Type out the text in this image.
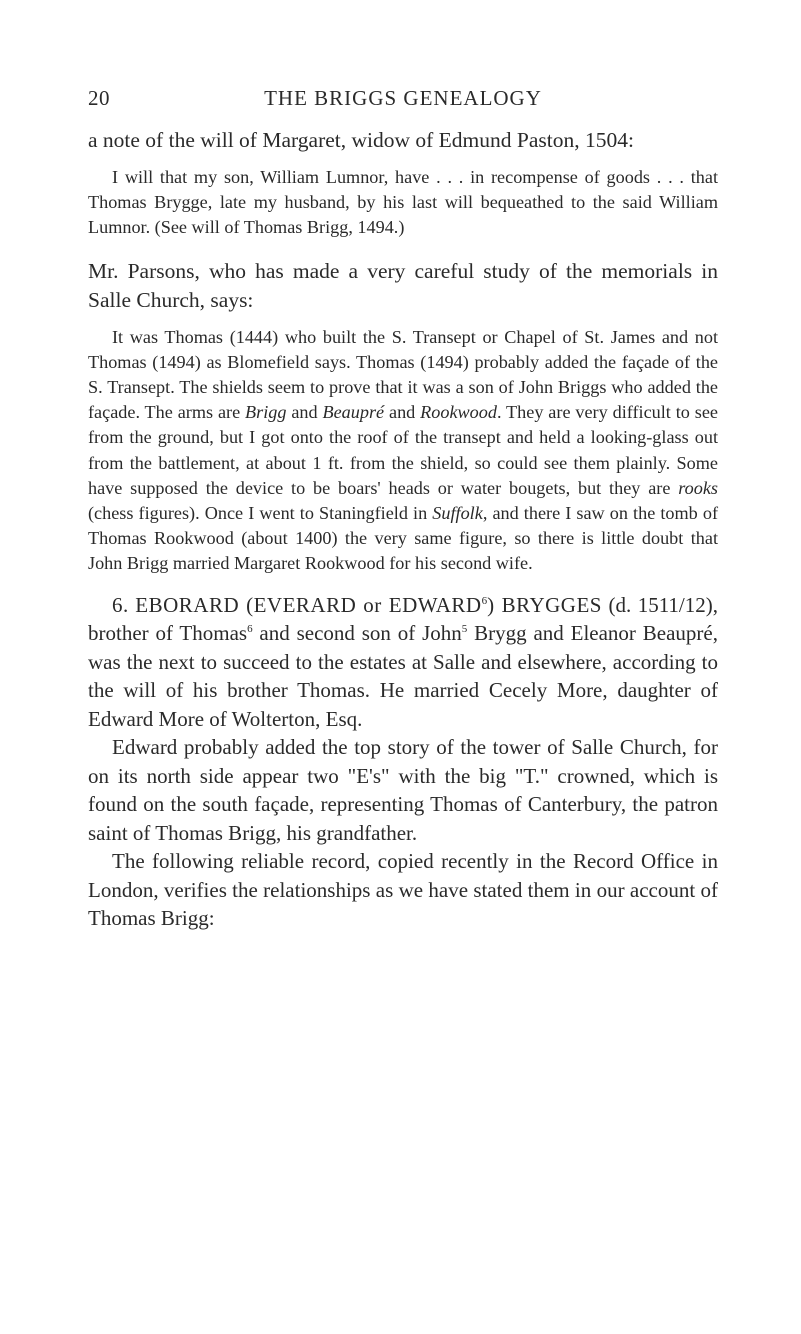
20	THE BRIGGS GENEALOGY

a note of the will of Margaret, widow of Edmund Paston, 1504:

I will that my son, William Lumnor, have . . . in recompense of goods . . . that Thomas Brygge, late my husband, by his last will bequeathed to the said William Lumnor. (See will of Thomas Brigg, 1494.)

Mr. Parsons, who has made a very careful study of the memorials in Salle Church, says:

It was Thomas (1444) who built the S. Transept or Chapel of St. James and not Thomas (1494) as Blomefield says. Thomas (1494) probably added the façade of the S. Transept. The shields seem to prove that it was a son of John Briggs who added the façade. The arms are Brigg and Beaupré and Rookwood. They are very difficult to see from the ground, but I got onto the roof of the transept and held a looking-glass out from the battlement, at about 1 ft. from the shield, so could see them plainly. Some have supposed the device to be boars' heads or water bougets, but they are rooks (chess figures). Once I went to Staningfield in Suffolk, and there I saw on the tomb of Thomas Rookwood (about 1400) the very same figure, so there is little doubt that John Brigg married Margaret Rookwood for his second wife.

6. EBORARD (EVERARD or EDWARD$^6$) BRYGGES (d. 1511/12), brother of Thomas$^6$ and second son of John$^5$ Brygg and Eleanor Beaupré, was the next to succeed to the estates at Salle and elsewhere, according to the will of his brother Thomas. He married Cecely More, daughter of Edward More of Wolterton, Esq.

Edward probably added the top story of the tower of Salle Church, for on its north side appear two "E's" with the big "T." crowned, which is found on the south façade, representing Thomas of Canterbury, the patron saint of Thomas Brigg, his grandfather.

The following reliable record, copied recently in the Record Office in London, verifies the relationships as we have stated them in our account of Thomas Brigg:
